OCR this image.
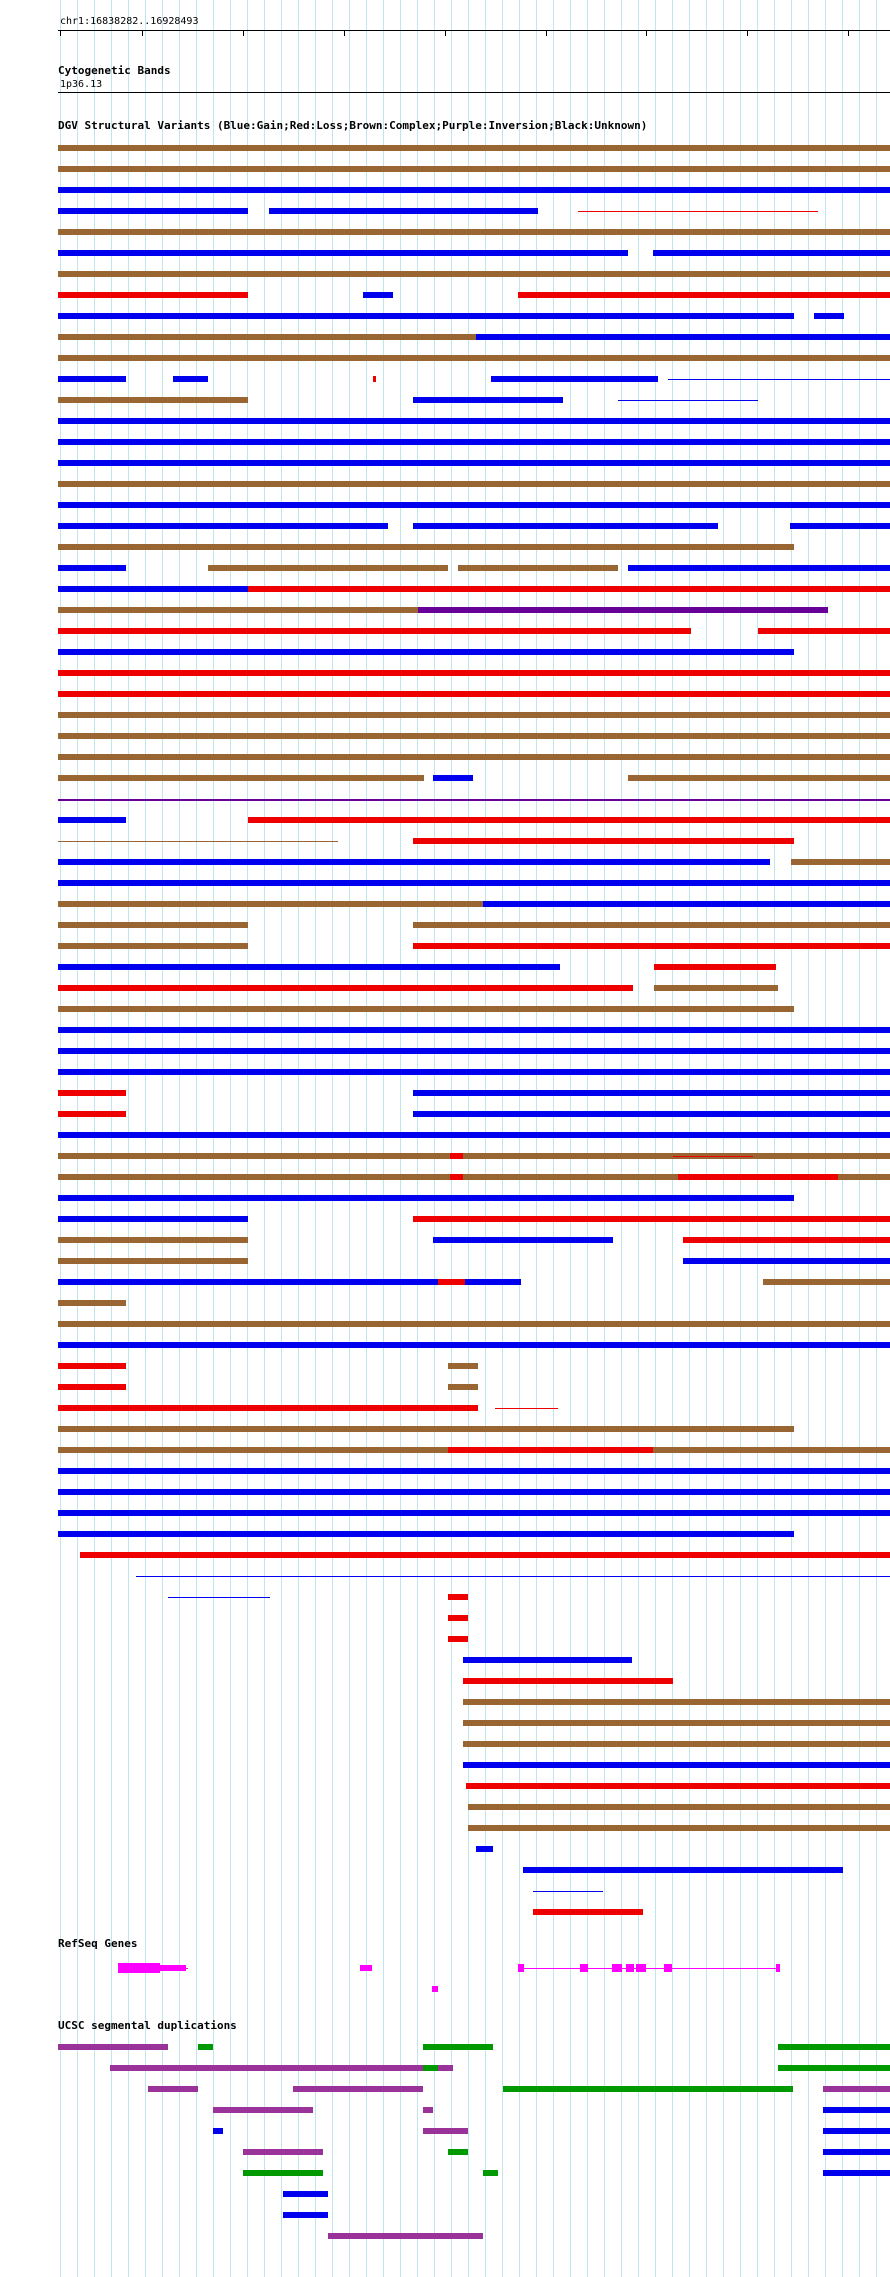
chr1:16838282..16928493
Cytogenetic Bands
1p36.13
DGV Structural Variants (Blue:Gain;Red:Loss;Brown:Complex;Purple:Inversion;Black:Unknown)
RefSeq Genes
UCSC segmental duplications
